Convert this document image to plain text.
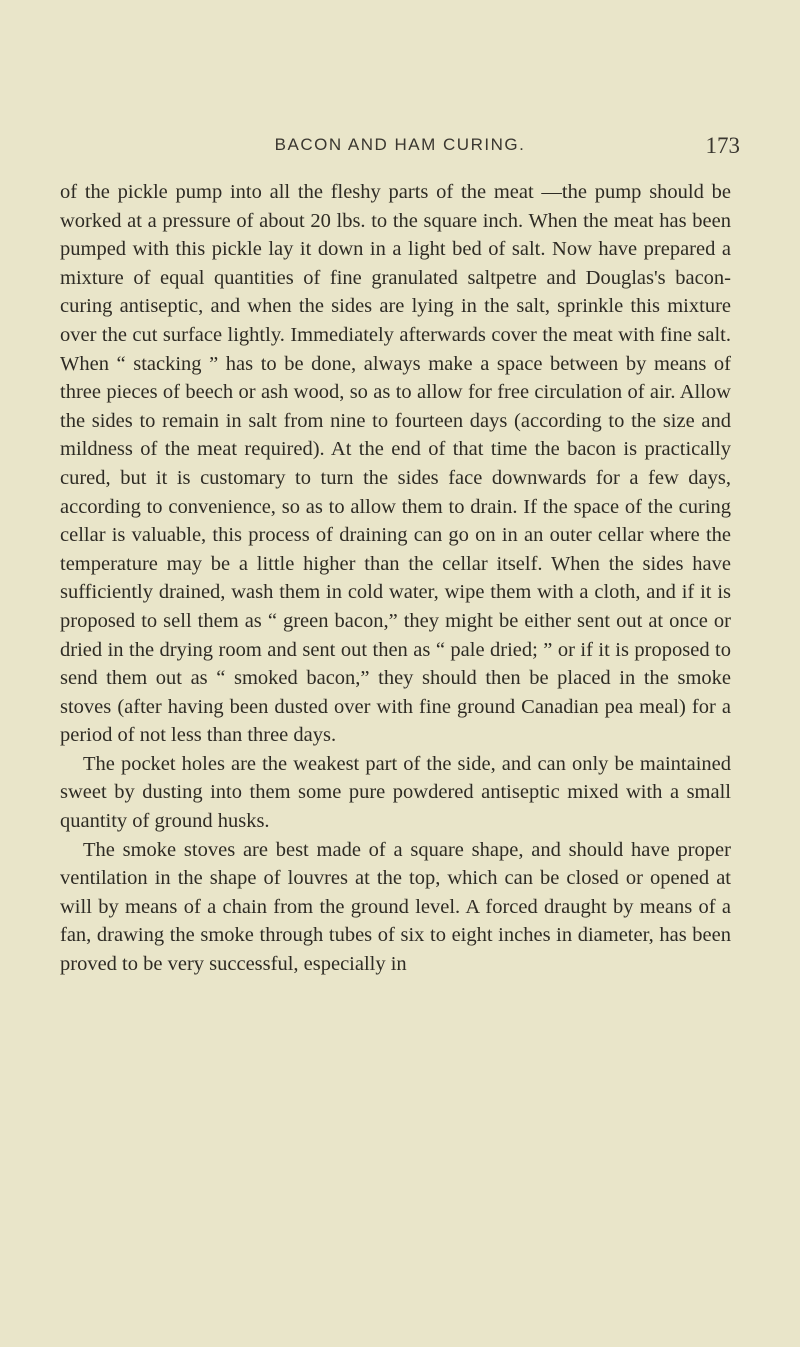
BACON AND HAM CURING.	173

of the pickle pump into all the fleshy parts of the meat —the pump should be worked at a pressure of about 20 lbs. to the square inch. When the meat has been pumped with this pickle lay it down in a light bed of salt. Now have prepared a mixture of equal quantities of fine granulated saltpetre and Douglas's bacon-curing antiseptic, and when the sides are lying in the salt, sprinkle this mixture over the cut surface lightly. Immediately afterwards cover the meat with fine salt. When “ stacking ” has to be done, always make a space between by means of three pieces of beech or ash wood, so as to allow for free circulation of air. Allow the sides to remain in salt from nine to fourteen days (according to the size and mildness of the meat required). At the end of that time the bacon is practically cured, but it is customary to turn the sides face downwards for a few days, according to convenience, so as to allow them to drain. If the space of the curing cellar is valuable, this process of draining can go on in an outer cellar where the temperature may be a little higher than the cellar itself. When the sides have sufficiently drained, wash them in cold water, wipe them with a cloth, and if it is proposed to sell them as “ green bacon,” they might be either sent out at once or dried in the drying room and sent out then as “ pale dried; ” or if it is proposed to send them out as “ smoked bacon,” they should then be placed in the smoke stoves (after having been dusted over with fine ground Canadian pea meal) for a period of not less than three days.

The pocket holes are the weakest part of the side, and can only be maintained sweet by dusting into them some pure powdered antiseptic mixed with a small quantity of ground husks.

The smoke stoves are best made of a square shape, and should have proper ventilation in the shape of louvres at the top, which can be closed or opened at will by means of a chain from the ground level. A forced draught by means of a fan, drawing the smoke through tubes of six to eight inches in diameter, has been proved to be very successful, especially in
